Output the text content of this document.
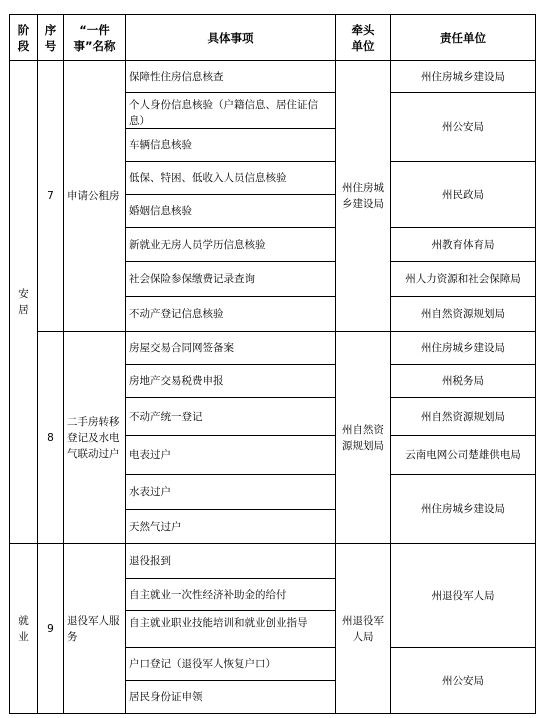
阶段
序号
“一件事”名称
具体事项
牵头单位
责任单位
安居
就业
7
8
9
申请公租房
二手房转移登记及水电气联动过户
退役军人服务
保障性住房信息核查
个人身份信息核验（户籍信息、居住证信息）
车辆信息核验
低保、特困、低收入人员信息核验
婚姻信息核验
新就业无房人员学历信息核验
社会保险参保缴费记录查询
不动产登记信息核验
房屋交易合同网签备案
房地产交易税费申报
不动产统一登记
电表过户
水表过户
天然气过户
退役报到
自主就业一次性经济补助金的给付
自主就业职业技能培训和就业创业指导
户口登记（退役军人恢复户口）
居民身份证申领
州住房城乡建设局
州自然资源规划局
州退役军人局
州住房城乡建设局
州公安局
州民政局
州教育体育局
州人力资源和社会保障局
州自然资源规划局
州住房城乡建设局
州税务局
州自然资源规划局
云南电网公司楚雄供电局
州住房城乡建设局
州退役军人局
州公安局
